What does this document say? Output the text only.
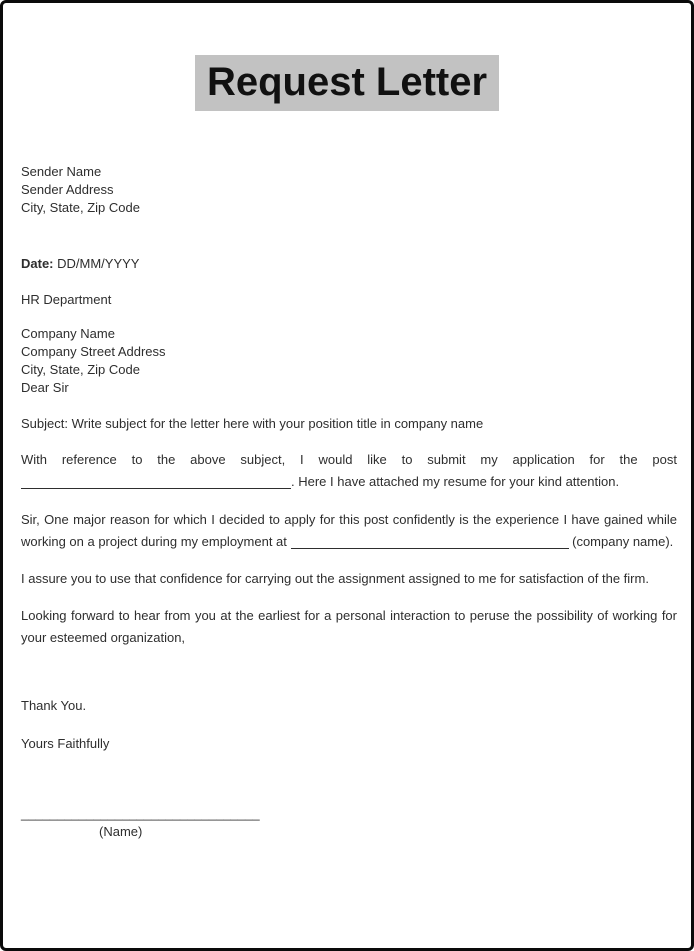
Request Letter
Sender Name
Sender Address
City, State, Zip Code
Date: DD/MM/YYYY
HR Department
Company Name
Company Street Address
City, State, Zip Code
Dear Sir
Subject: Write subject for the letter here with your position title in company name

With reference to the above subject, I would like to submit my application for the post . Here I have attached my resume for your kind attention.

Sir, One major reason for which I decided to apply for this post confidently is the experience I have gained while working on a project during my employment at	(company name).

I assure you to use that confidence for carrying out the assignment assigned to me for satisfaction of the firm.

Looking forward to hear from you at the earliest for a personal interaction to peruse the possibility of working for your esteemed organization,

Thank You.
Yours Faithfully
_________________________________
(Name)
